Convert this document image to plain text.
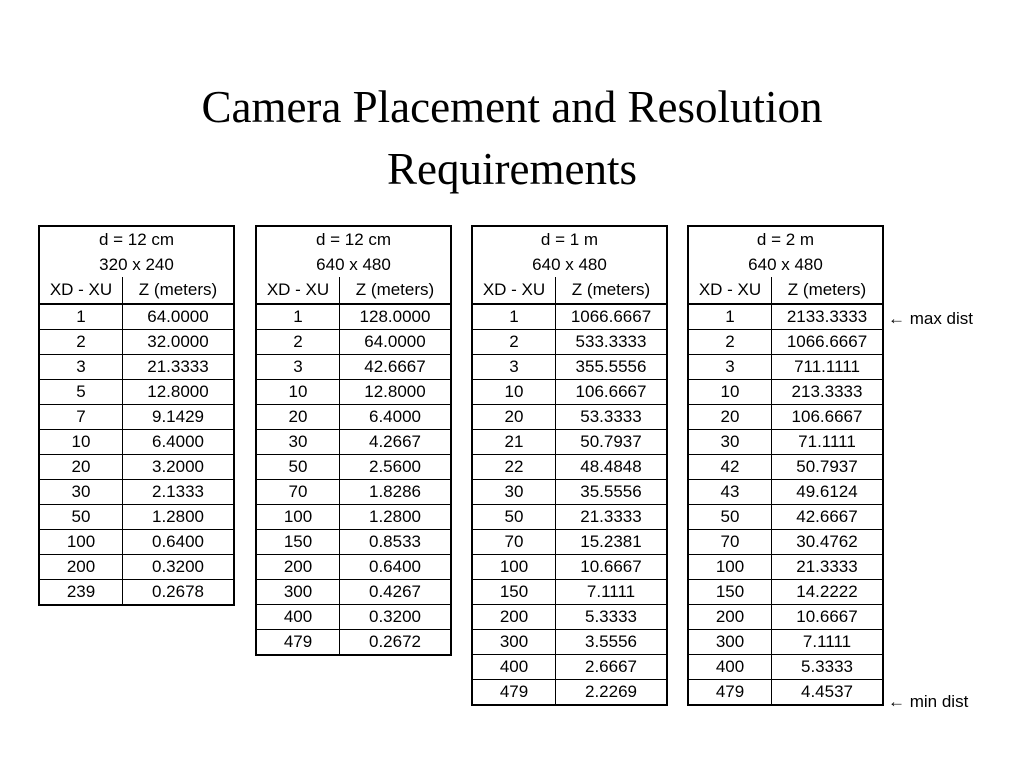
Camera Placement and Resolution
Requirements
d = 12 cm	
320 x 240	
XD - XU	Z (meters)
1	64.0000
2	32.0000
3	21.3333
5	12.8000
7	9.1429
10	6.4000
20	3.2000
30	2.1333
50	1.2800
100	0.6400
200	0.3200
239	0.2678
d = 12 cm	
640 x 480	
XD - XU	Z (meters)
1	128.0000
2	64.0000
3	42.6667
10	12.8000
20	6.4000
30	4.2667
50	2.5600
70	1.8286
100	1.2800
150	0.8533
200	0.6400
300	0.4267
400	0.3200
479	0.2672
d = 1 m	
640 x 480	
XD - XU	Z (meters)
1	1066.6667
2	533.3333
3	355.5556
10	106.6667
20	53.3333
21	50.7937
22	48.4848
30	35.5556
50	21.3333
70	15.2381
100	10.6667
150	7.1111
200	5.3333
300	3.5556
400	2.6667
479	2.2269
d = 2 m	
640 x 480	
XD - XU	Z (meters)
1	2133.3333
2	1066.6667
3	711.1111
10	213.3333
20	106.6667
30	71.1111
42	50.7937
43	49.6124
50	42.6667
70	30.4762
100	21.3333
150	14.2222
200	10.6667
300	7.1111
400	5.3333
479	4.4537
← max dist
← min dist
